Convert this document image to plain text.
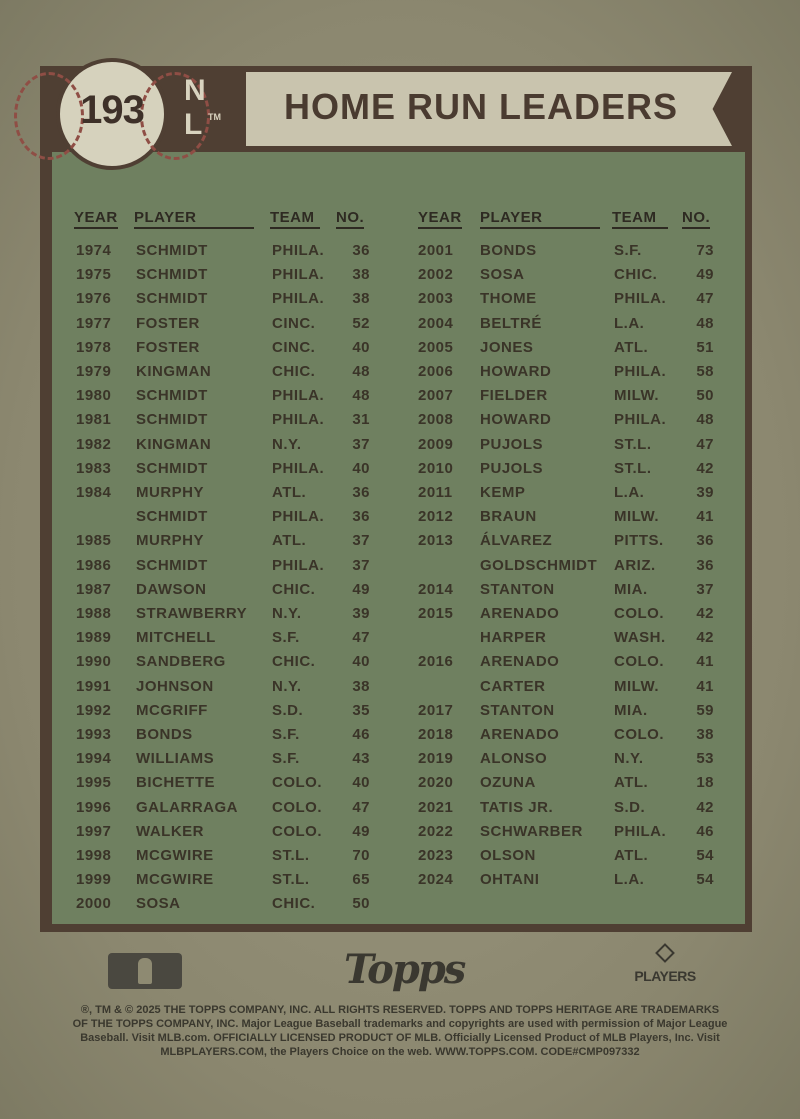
HOME RUN LEADERS
193	N
L TM
YEAR PLAYER	TEAM	NO.	YEAR PLAYER	TEAM	NO.
1974 SCHMIDT	PHILA.	36
1975 SCHMIDT	PHILA.	38
1976 SCHMIDT	PHILA.	38
1977 FOSTER	CINC.	52
1978 FOSTER	CINC.	40
1979 KINGMAN	CHIC.	48
1980 SCHMIDT	PHILA.	48
1981 SCHMIDT	PHILA.	31
1982 KINGMAN	N.Y.	37
1983 SCHMIDT	PHILA.	40
1984 MURPHY	ATL.	36
SCHMIDT	PHILA.	36
1985 MURPHY	ATL.	37
1986 SCHMIDT	PHILA.	37
1987 DAWSON	CHIC.	49
1988 STRAWBERRY N.Y.	39
1989 MITCHELL	S.F.	47
1990 SANDBERG	CHIC.	40
1991 JOHNSON	N.Y.	38
1992 MCGRIFF	S.D.	35
1993 BONDS	S.F.	46
1994 WILLIAMS	S.F.	43
1995 BICHETTE	COLO.	40
1996 GALARRAGA COLO.	47
1997 WALKER	COLO.	49
1998 MCGWIRE	ST.L.	70
1999 MCGWIRE	ST.L.	65
2000 SOSA	CHIC.	50
2001 BONDS	S.F.	73
2002 SOSA	CHIC.	49
2003 THOME	PHILA.	47
2004 BELTRÉ	L.A.	48
2005 JONES	ATL.	51
2006 HOWARD	PHILA.	58
2007 FIELDER	MILW.	50
2008 HOWARD	PHILA.	48
2009 PUJOLS	ST.L.	47
2010 PUJOLS	ST.L.	42
2011 KEMP	L.A.	39
2012 BRAUN	MILW.	41
2013 ÁLVAREZ	PITTS.	36
GOLDSCHMIDT ARIZ.	36
2014 STANTON	MIA.	37
2015 ARENADO	COLO.	42
HARPER	WASH.	42
2016 ARENADO	COLO.	41
CARTER	MILW.	41
2017 STANTON	MIA.	59
2018 ARENADO	COLO.	38
2019 ALONSO	N.Y.	53
2020 OZUNA	ATL.	18
2021 TATIS JR.	S.D.	42
2022 SCHWARBER PHILA.	46
2023 OLSON	ATL.	54
2024 OHTANI	L.A.	54
Topps	PLAYERS
®, TM & © 2025 THE TOPPS COMPANY, INC. ALL RIGHTS RESERVED. TOPPS AND TOPPS HERITAGE ARE TRADEMARKS OF THE TOPPS COMPANY, INC. Major League Baseball trademarks and copyrights are used with permission of Major League Baseball. Visit MLB.com. OFFICIALLY LICENSED PRODUCT OF MLB. Officially Licensed Product of MLB Players, Inc. Visit MLBPLAYERS.COM, the Players Choice on the web. WWW.TOPPS.COM. CODE#CMP097332
